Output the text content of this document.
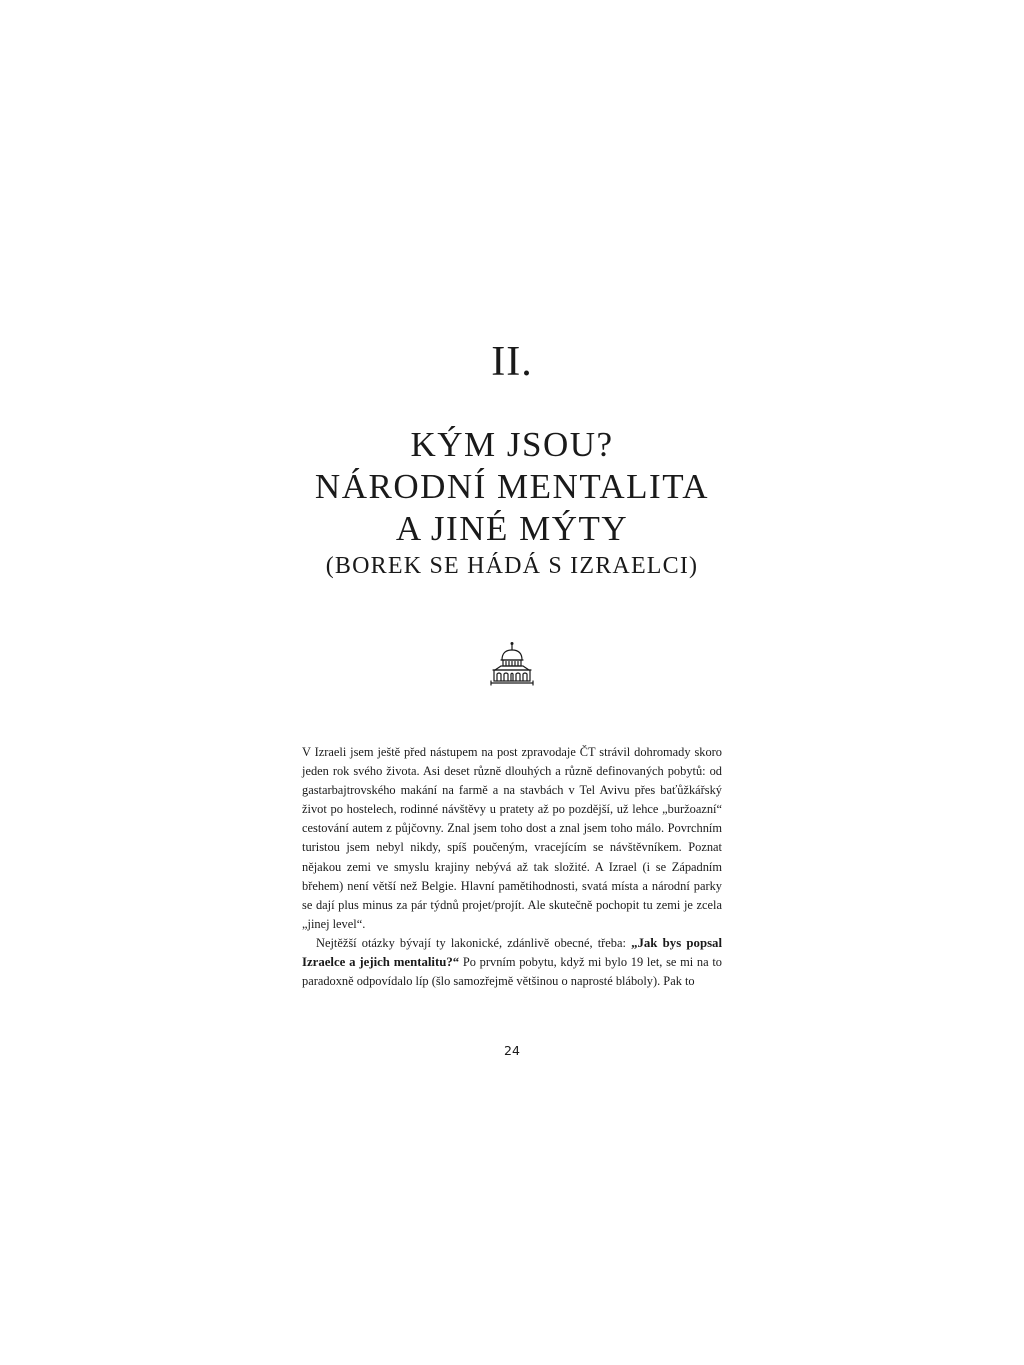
II.
KÝM JSOU?
NÁRODNÍ MENTALITA
A JINÉ MÝTY
(BOREK SE HÁDÁ S IZRAELCI)

V Izraeli jsem ještě před nástupem na post zpravodaje ČT strávil dohromady skoro jeden rok svého života. Asi deset různě dlouhých a různě definovaných pobytů: od gastarbajtrovského makání na farmě a na stavbách v Tel Avivu přes baťůžkářský život po hostelech, rodinné návštěvy u pratety až po pozdější, už lehce „buržoazní“ cestování autem z půjčovny. Znal jsem toho dost a znal jsem toho málo. Povrchním turistou jsem nebyl nikdy, spíš poučeným, vracejícím se návštěvníkem. Poznat nějakou zemi ve smyslu krajiny nebývá až tak složité. A Izrael (i se Západním břehem) není větší než Belgie. Hlavní pamětihodnosti, svatá místa a národní parky se dají plus minus za pár týdnů projet/projít. Ale skutečně pochopit tu zemi je zcela „jinej level“.

Nejtěžší otázky bývají ty lakonické, zdánlivě obecné, třeba: „Jak bys popsal Izraelce a jejich mentalitu?“ Po prvním pobytu, když mi bylo 19 let, se mi na to paradoxně odpovídalo líp (šlo samozřejmě většinou o naprosté bláboly). Pak to

24
